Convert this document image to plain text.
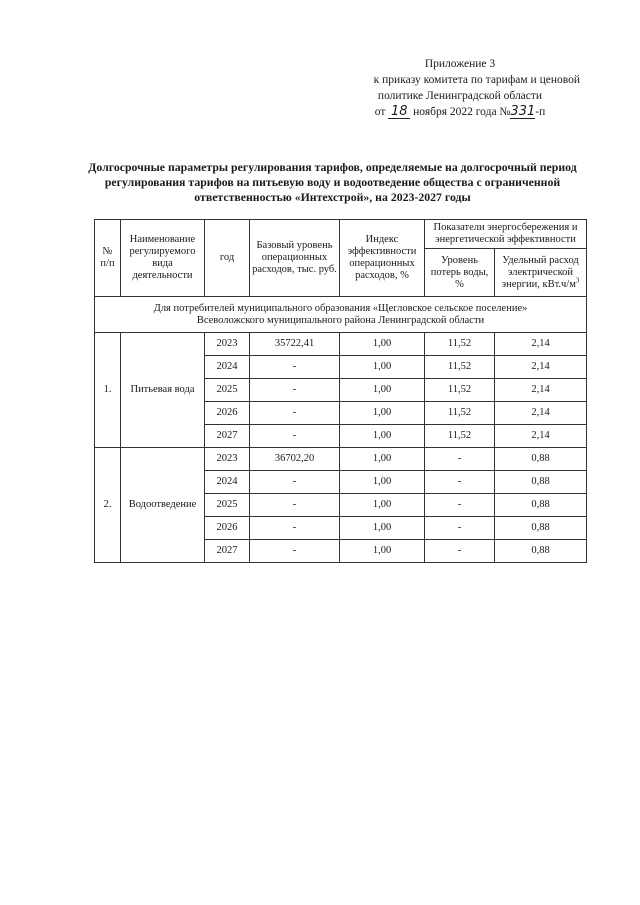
Приложение 3
к приказу комитета по тарифам и ценовой
политике Ленинградской области
от 18 ноября 2022 года №331-п
Долгосрочные параметры регулирования тарифов, определяемые на долгосрочный период
регулирования тарифов на питьевую воду и водоотведение общества с ограниченной
ответственностью «Интехстрой», на 2023-2027 годы
№ п/п	Наименование регулируемого вида деятельности	год	Базовый уровень операционных расходов, тыс. руб.	Индекс эффективности операционных расходов, %	Показатели энергосбережения и энергетической эффективности	
					Уровень потерь воды, %	Удельный расход электрической энергии, $кВт.ч/м^3$

Для потребителей муниципального образования «Щегловское сельское поселение»
Всеволожского муниципального района Ленинградской области						

1.	Питьевая вода	2023	35722,41	1,00	11,52	2,14
		2024	-	1,00	11,52	2,14
		2025	-	1,00	11,52	2,14
		2026	-	1,00	11,52	2,14
		2027	-	1,00	11,52	2,14
2.	Водоотведение	2023	36702,20	1,00	-	0,88
		2024	-	1,00	-	0,88
		2025	-	1,00	-	0,88
		2026	-	1,00	-	0,88
		2027	-	1,00	-	0,88
